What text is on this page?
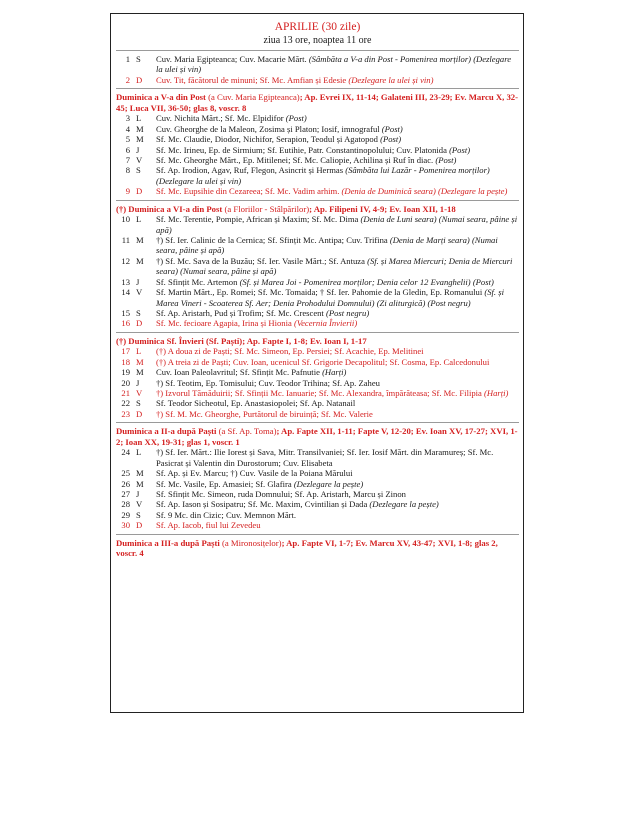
APRILIE (30 zile)
ziua 13 ore, noaptea 11 ore
1 S	Cuv. Maria Egipteanca; Cuv. Macarie Mărt. (Sâmbăta a V-a din Post - Pomenirea morților) (Dezlegare la ulei și vin)
2 D	Cuv. Tit, făcătorul de minuni; Sf. Mc. Amfian și Edesie (Dezlegare la ulei și vin)
Duminica a V-a din Post (a Cuv. Maria Egipteanca); Ap. Evrei IX, 11-14; Galateni III, 23-29; Ev. Marcu X, 32-45; Luca VII, 36-50; glas 8, voscr. 8
3 L	Cuv. Nichita Mărt.; Sf. Mc. Elpidifor (Post)
4 M	Cuv. Gheorghe de la Maleon, Zosima și Platon; Iosif, imnograful (Post)
5 M	Sf. Mc. Claudie, Diodor, Nichifor, Serapion, Teodul și Agatopod (Post)
6 J	Sf. Mc. Irineu, Ep. de Sirmium; Sf. Eutihie, Patr. Constantinopolului; Cuv. Platonida (Post)
7 V	Sf. Mc. Gheorghe Mărt., Ep. Mitilenei; Sf. Mc. Caliopie, Achilina și Ruf în diac. (Post)
8 S	Sf. Ap. Irodion, Agav, Ruf, Flegon, Asincrit și Hermas (Sâmbăta lui Lazăr - Pomenirea morților) (Dezlegare la ulei și vin)
9 D	Sf. Mc. Eupsihie din Cezareea; Sf. Mc. Vadim arhim. (Denia de Duminică seara) (Dezlegare la pește)
(†) Duminica a VI-a din Post (a Floriilor - Stâlpărilor); Ap. Filipeni IV, 4-9; Ev. Ioan XII, 1-18
10 L	Sf. Mc. Terentie, Pompie, African și Maxim; Sf. Mc. Dima (Denia de Luni seara) (Numai seara, pâine și apă)
11 M	†) Sf. Ier. Calinic de la Cernica; Sf. Sfințit Mc. Antipa; Cuv. Trifina (Denia de Marți seara) (Numai seara, pâine și apă)
12 M	†) Sf. Mc. Sava de la Buzău; Sf. Ier. Vasile Mărt.; Sf. Antuza (Sf. și Marea Miercuri; Denia de Miercuri seara) (Numai seara, pâine și apă)
13 J	Sf. Sfințit Mc. Artemon (Sf. și Marea Joi - Pomenirea morților; Denia celor 12 Evanghelii) (Post)
14 V	Sf. Martin Mărt., Ep. Romei; Sf. Mc. Tomaida; † Sf. Ier. Pahomie de la Gledin, Ep. Romanului (Sf. și Marea Vineri - Scoaterea Sf. Aer; Denia Prohodului Domnului) (Zi aliturgică) (Post negru)
15 S	Sf. Ap. Aristarh, Pud și Trofim; Sf. Mc. Crescent (Post negru)
16 D	Sf. Mc. fecioare Agapia, Irina și Hionia (Vecernia Învierii)
(†) Duminica Sf. Învieri (Sf. Paști); Ap. Fapte I, 1-8; Ev. Ioan I, 1-17
17 L	(†) A doua zi de Paști; Sf. Mc. Simeon, Ep. Persiei; Sf. Acachie, Ep. Melitinei
18 M	(†) A treia zi de Paști; Cuv. Ioan, ucenicul Sf. Grigorie Decapolitul; Sf. Cosma, Ep. Calcedonului
19 M	Cuv. Ioan Paleolavritul; Sf. Sfințit Mc. Pafnutie (Harți)
20 J	†) Sf. Teotim, Ep. Tomisului; Cuv. Teodor Trihina; Sf. Ap. Zaheu
21 V	†) Izvorul Tămăduirii; Sf. Sfinții Mc. Ianuarie; Sf. Mc. Alexandra, împărăteasa; Sf. Mc. Filipia (Harți)
22 S	Sf. Teodor Sicheotul, Ep. Anastasiopolei; Sf. Ap. Natanail
23 D	†) Sf. M. Mc. Gheorghe, Purtătorul de biruință; Sf. Mc. Valerie
Duminica a II-a după Paști (a Sf. Ap. Toma); Ap. Fapte XII, 1-11; Fapte V, 12-20; Ev. Ioan XV, 17-27; XVI, 1-2; Ioan XX, 19-31; glas 1, voscr. 1
24 L	†) Sf. Ier. Mărt.: Ilie Iorest și Sava, Mitr. Transilvaniei; Sf. Ier. Iosif Mărt. din Maramureș; Sf. Mc. Pasicrat și Valentin din Durostorum; Cuv. Elisabeta
25 M	Sf. Ap. și Ev. Marcu; †) Cuv. Vasile de la Poiana Mărului
26 M	Sf. Mc. Vasile, Ep. Amasiei; Sf. Glafira (Dezlegare la pește)
27 J	Sf. Sfințit Mc. Simeon, ruda Domnului; Sf. Ap. Aristarh, Marcu și Zinon
28 V	Sf. Ap. Iason și Sosipatru; Sf. Mc. Maxim, Cvintilian și Dada (Dezlegare la pește)
29 S	Sf. 9 Mc. din Cizic; Cuv. Memnon Mărt.
30 D	Sf. Ap. Iacob, fiul lui Zevedeu
Duminica a III-a după Paști (a Mironosițelor); Ap. Fapte VI, 1-7; Ev. Marcu XV, 43-47; XVI, 1-8; glas 2, voscr. 4
